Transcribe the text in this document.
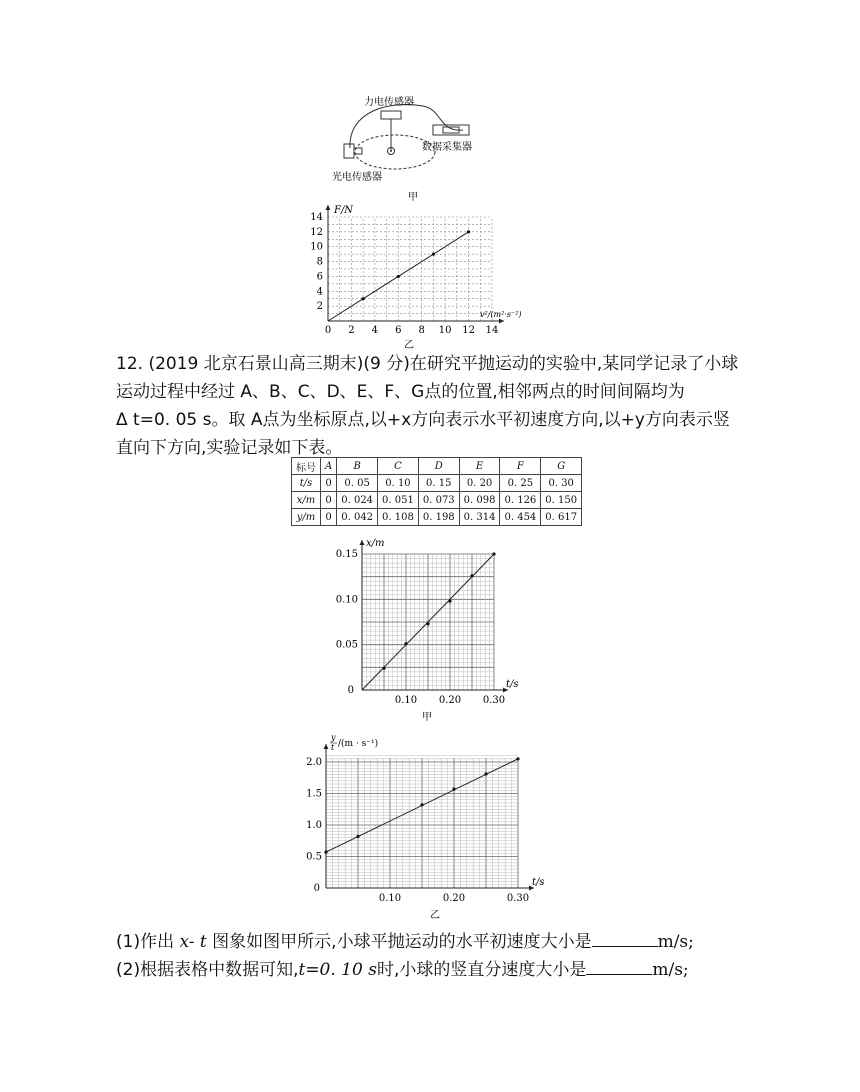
力电传感器
数据采集器
光电传感器
甲
0 2 4 6 8 10 12 14
2
4
6
8
10
12
14
F/N
v²/(m²·s⁻²)
乙
12. (2019 北京石景山高三期末)(9 分)在研究平抛运动的实验中,某同学记录了小球
运动过程中经过 A、B、C、D、E、F、G点的位置,相邻两点的时间间隔均为
Δ t=0. 05 s。取 A点为坐标原点,以+x方向表示水平初速度方向,以+y方向表示竖
直向下方向,实验记录如下表。
标号	A	B	C	D	E	F	G
t/s	0	0. 05	0. 10	0. 15	0. 20	0. 25	0. 30
x/m	0	0. 024	0. 051	0. 073	0. 098	0. 126	0. 150
y/m	0	0. 042	0. 108	0. 198	0. 314	0. 454	0. 617
0.10 0.20 0.30
0.05
0.10
0.15
0
x/m
t/s
甲
0.10	0.20	0.30
0.5
1.0
1.5
2.0
0
y
t /(m · s⁻¹)
t/s
乙
(1)作出 x- t 图象如图甲所示,小球平抛运动的水平初速度大小是	m/s;
(2)根据表格中数据可知,t=0. 10 s时,小球的竖直分速度大小是	m/s;
